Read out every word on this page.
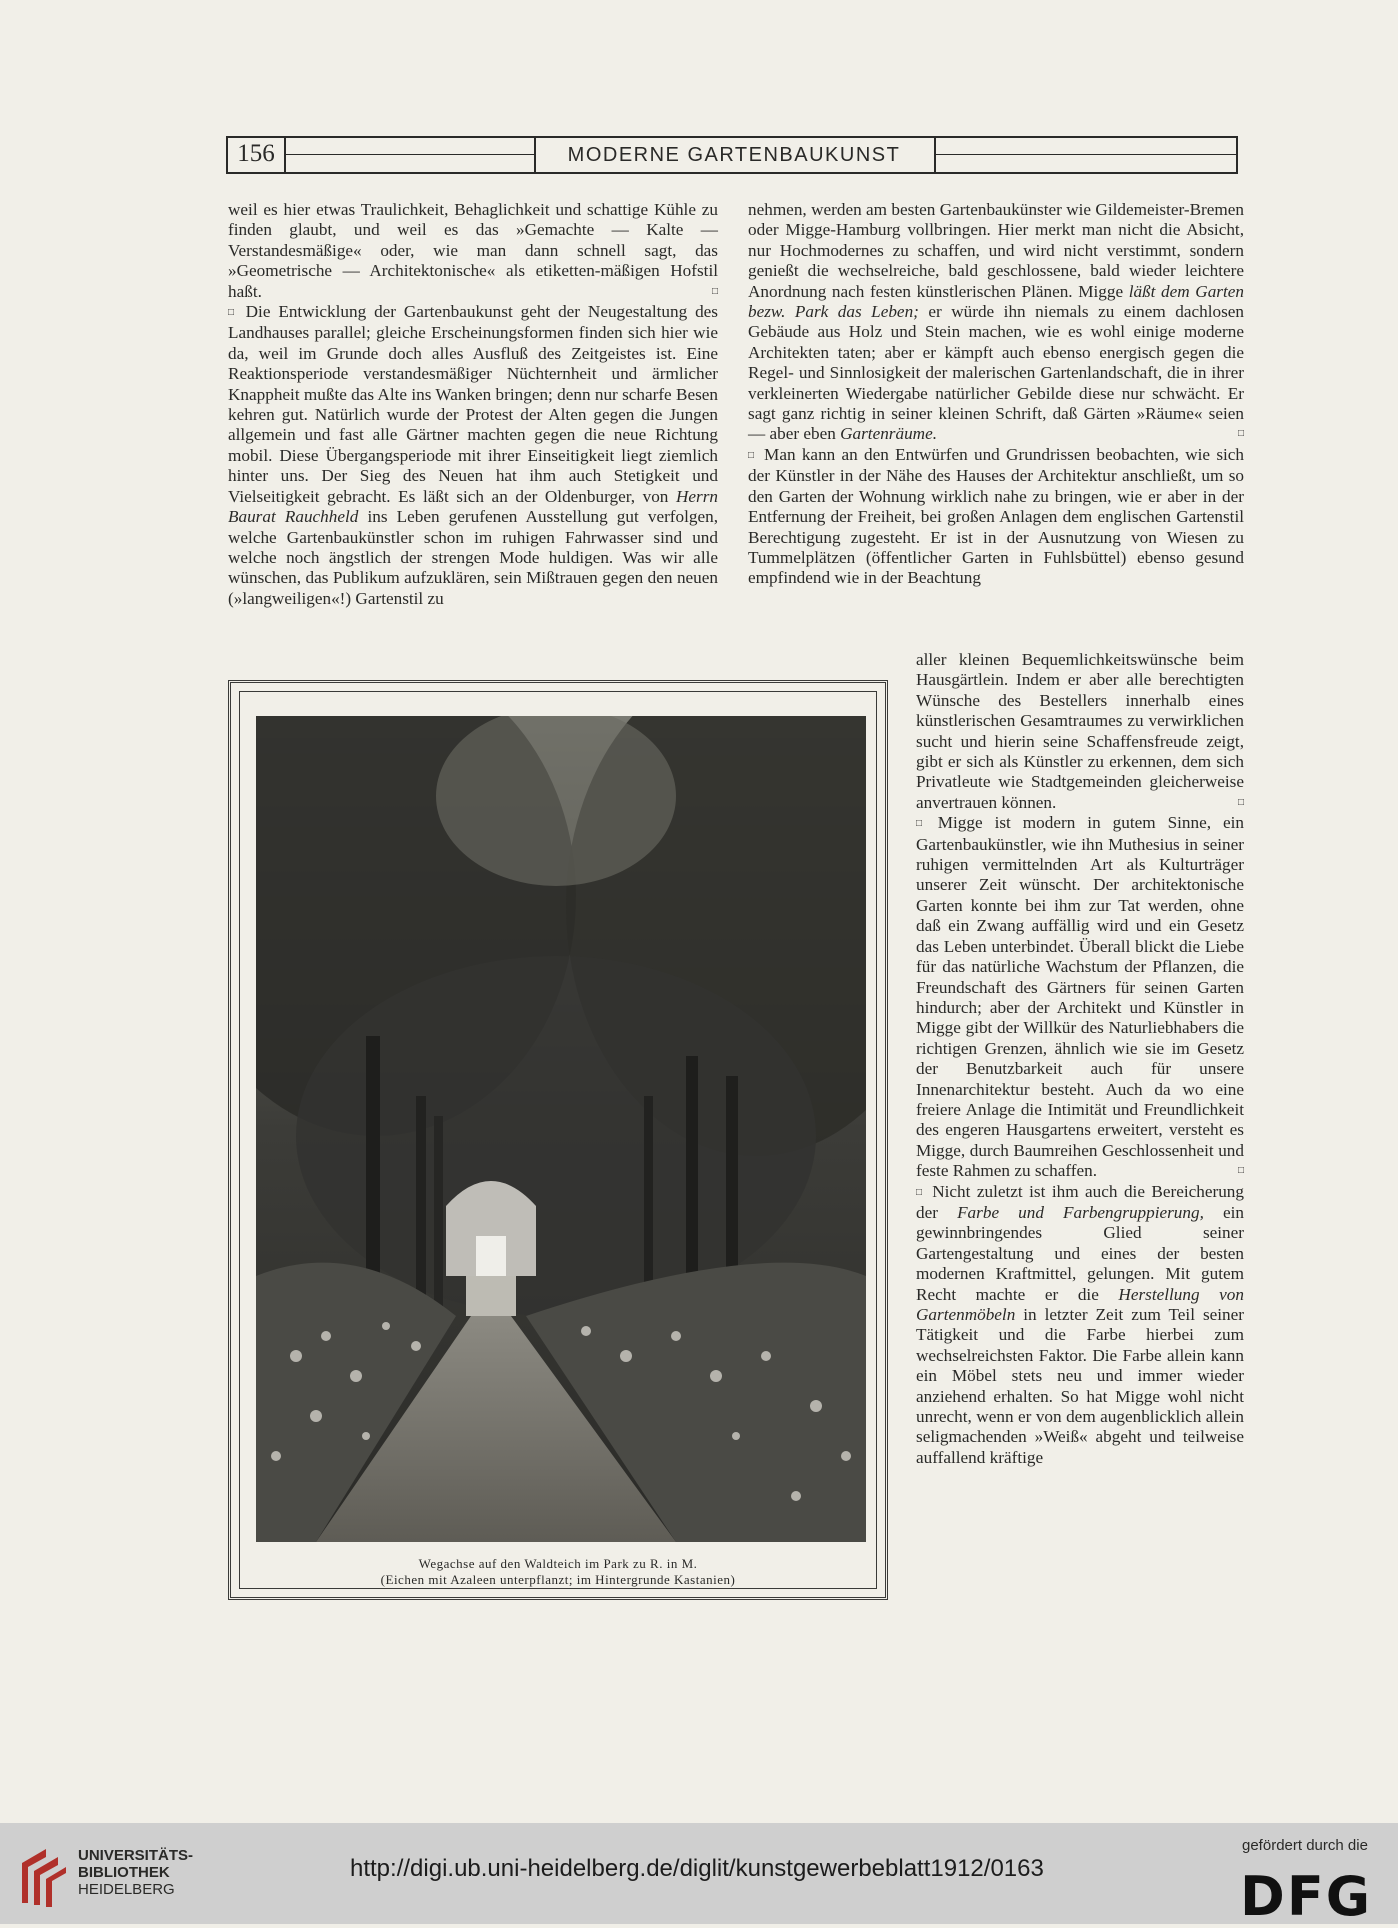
156	MODERNE GARTENBAUKUNST

weil es hier etwas Traulichkeit, Behaglichkeit und schattige Kühle zu finden glaubt, und weil es das »Gemachte — Kalte — Verstandesmäßige« oder, wie man dann schnell sagt, das »Geometrische — Architektonische« als etiketten-mäßigen Hofstil haßt.	□

□ Die Entwicklung der Gartenbaukunst geht der Neugestaltung des Landhauses parallel; gleiche Erscheinungsformen finden sich hier wie da, weil im Grunde doch alles Ausfluß des Zeitgeistes ist. Eine Reaktionsperiode verstandesmäßiger Nüchternheit und ärmlicher Knappheit mußte das Alte ins Wanken bringen; denn nur scharfe Besen kehren gut. Natürlich wurde der Protest der Alten gegen die Jungen allgemein und fast alle Gärtner machten gegen die neue Richtung mobil. Diese Übergangsperiode mit ihrer Einseitigkeit liegt ziemlich hinter uns. Der Sieg des Neuen hat ihm auch Stetigkeit und Vielseitigkeit gebracht. Es läßt sich an der Oldenburger, von Herrn Baurat Rauchheld ins Leben gerufenen Ausstellung gut verfolgen, welche Gartenbaukünstler schon im ruhigen Fahrwasser sind und welche noch ängstlich der strengen Mode huldigen. Was wir alle wünschen, das Publikum aufzuklären, sein Mißtrauen gegen den neuen (»langweiligen«!) Gartenstil zu

nehmen, werden am besten Gartenbaukünster wie Gildemeister-Bremen oder Migge-Hamburg vollbringen. Hier merkt man nicht die Absicht, nur Hochmodernes zu schaffen, und wird nicht verstimmt, sondern genießt die wechselreiche, bald geschlossene, bald wieder leichtere Anordnung nach festen künstlerischen Plänen. Migge läßt dem Garten bezw. Park das Leben; er würde ihn niemals zu einem dachlosen Gebäude aus Holz und Stein machen, wie es wohl einige moderne Architekten taten; aber er kämpft auch ebenso energisch gegen die Regel- und Sinnlosigkeit der malerischen Gartenlandschaft, die in ihrer verkleinerten Wiedergabe natürlicher Gebilde diese nur schwächt. Er sagt ganz richtig in seiner kleinen Schrift, daß Gärten »Räume« seien — aber eben Gartenräume.	□

□ Man kann an den Entwürfen und Grundrissen beobachten, wie sich der Künstler in der Nähe des Hauses der Architektur anschließt, um so den Garten der Wohnung wirklich nahe zu bringen, wie er aber in der Entfernung der Freiheit, bei großen Anlagen dem englischen Gartenstil Berechtigung zugesteht. Er ist in der Ausnutzung von Wiesen zu Tummelplätzen (öffentlicher Garten in Fuhlsbüttel) ebenso gesund empfindend wie in der Beachtung

aller kleinen Bequemlichkeitswünsche beim Hausgärtlein. Indem er aber alle berechtigten Wünsche des Bestellers innerhalb eines künstlerischen Gesamtraumes zu verwirklichen sucht und hierin seine Schaffensfreude zeigt, gibt er sich als Künstler zu erkennen, dem sich Privatleute wie Stadtgemeinden gleicherweise anvertrauen können.	□

□ Migge ist modern in gutem Sinne, ein Gartenbaukünstler, wie ihn Muthesius in seiner ruhigen vermittelnden Art als Kulturträger unserer Zeit wünscht. Der architektonische Garten konnte bei ihm zur Tat werden, ohne daß ein Zwang auffällig wird und ein Gesetz das Leben unterbindet. Überall blickt die Liebe für das natürliche Wachstum der Pflanzen, die Freundschaft des Gärtners für seinen Garten hindurch; aber der Architekt und Künstler in Migge gibt der Willkür des Naturliebhabers die richtigen Grenzen, ähnlich wie sie im Gesetz der Benutzbarkeit auch für unsere Innenarchitektur besteht. Auch da wo eine freiere Anlage die Intimität und Freundlichkeit des engeren Hausgartens erweitert, versteht es Migge, durch Baumreihen Geschlossenheit und feste Rahmen zu schaffen.	□

□ Nicht zuletzt ist ihm auch die Bereicherung der Farbe und Farbengruppierung, ein gewinnbringendes Glied seiner Gartengestaltung und eines der besten modernen Kraftmittel, gelungen. Mit gutem Recht machte er die Herstellung von Gartenmöbeln in letzter Zeit zum Teil seiner Tätigkeit und die Farbe hierbei zum wechselreichsten Faktor. Die Farbe allein kann ein Möbel stets neu und immer wieder anziehend erhalten. So hat Migge wohl nicht unrecht, wenn er von dem augenblicklich allein seligmachenden »Weiß« abgeht und teilweise auffallend kräftige

Wegachse auf den Waldteich im Park zu R. in M.
(Eichen mit Azaleen unterpflanzt; im Hintergrunde Kastanien)
UNIVERSITÄTS-
BIBLIOTHEK
HEIDELBERG
http://digi.ub.uni-heidelberg.de/diglit/kunstgewerbeblatt1912/0163
gefördert durch die
DFG
